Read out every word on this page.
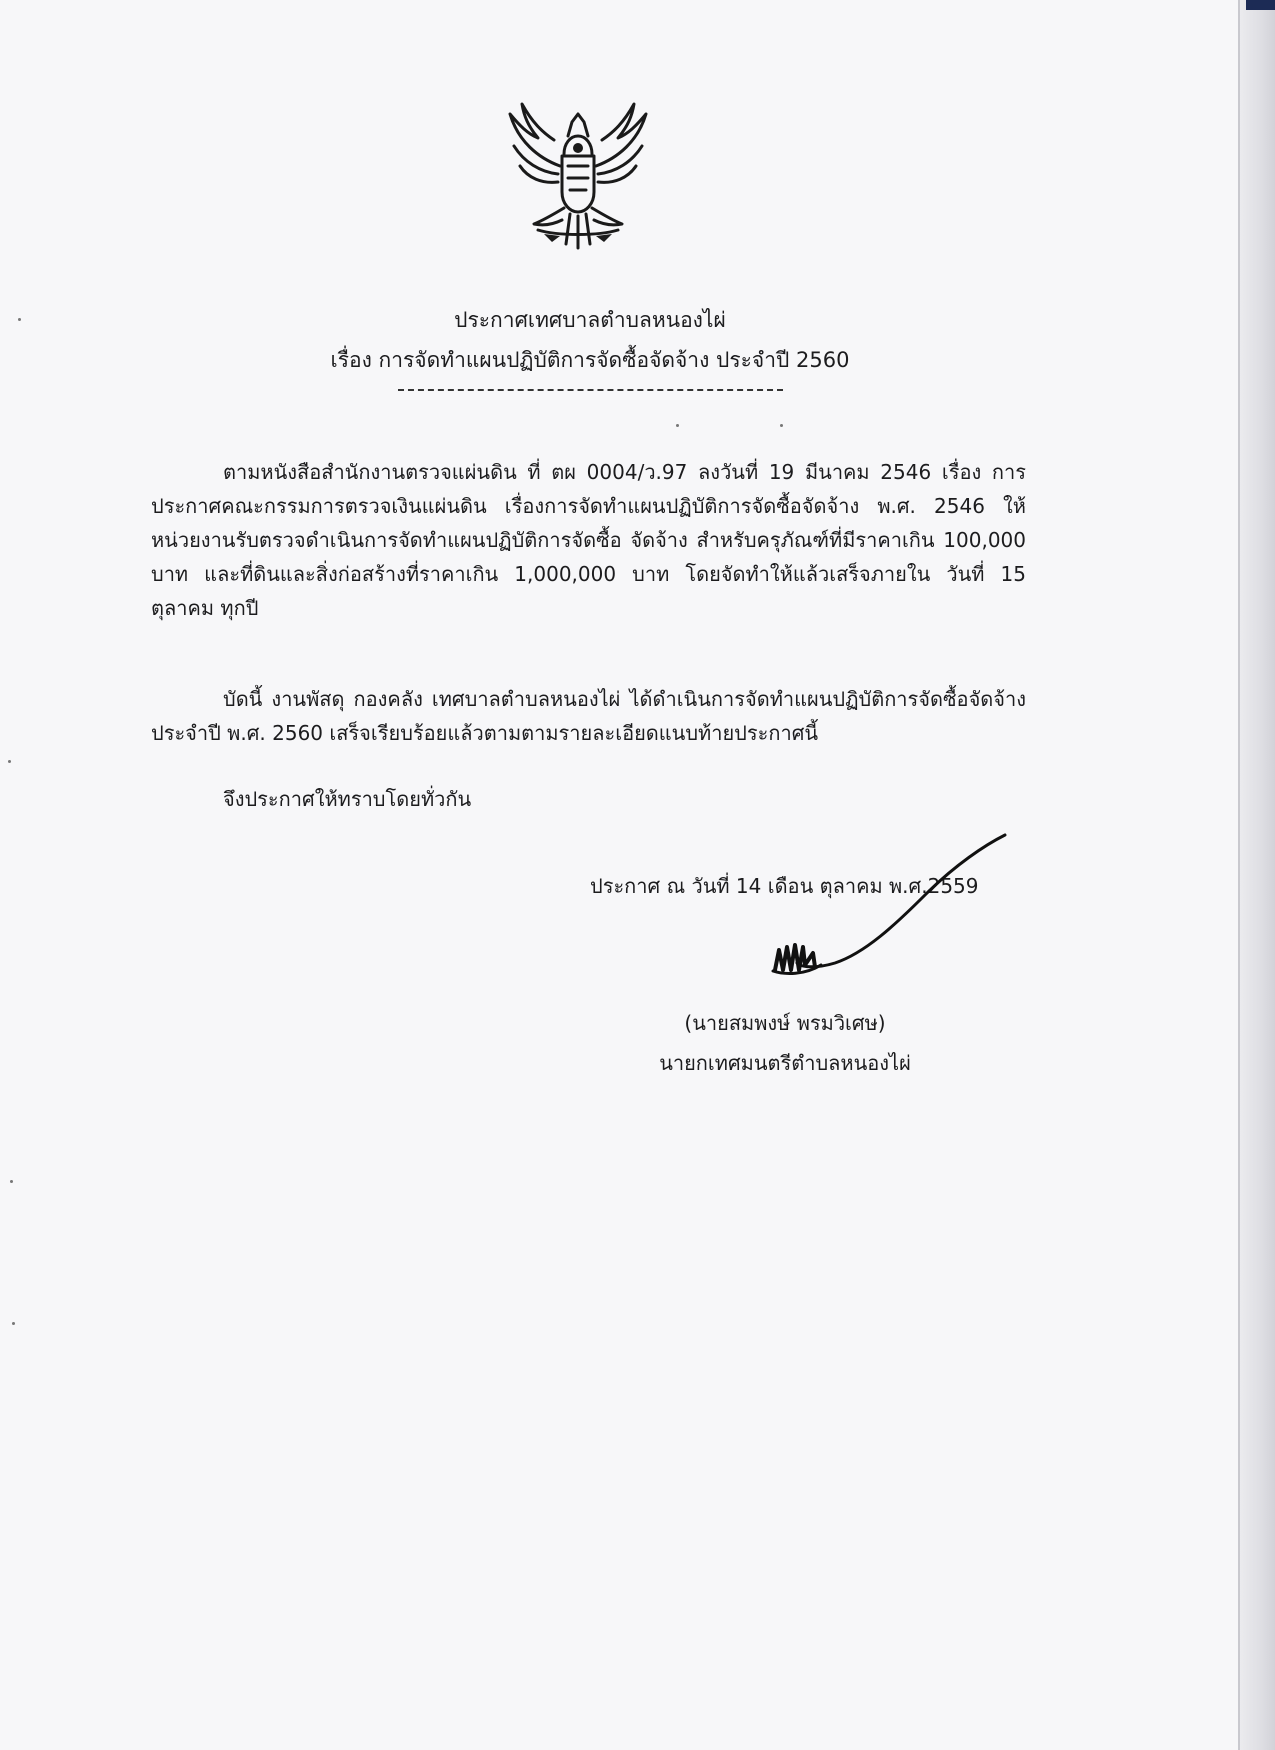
ประกาศเทศบาลตำบลหนองไผ่
เรื่อง การจัดทำแผนปฏิบัติการจัดซื้อจัดจ้าง ประจำปี 2560

ตามหนังสือสำนักงานตรวจแผ่นดิน ที่ ตผ 0004/ว.97 ลงวันที่ 19 มีนาคม 2546 เรื่อง การประกาศคณะกรรมการตรวจเงินแผ่นดิน เรื่องการจัดทำแผนปฏิบัติการจัดซื้อจัดจ้าง พ.ศ. 2546 ให้หน่วยงานรับตรวจดำเนินการจัดทำแผนปฏิบัติการจัดซื้อ จัดจ้าง สำหรับครุภัณฑ์ที่มีราคาเกิน 100,000 บาท และที่ดินและสิ่งก่อสร้างที่ราคาเกิน 1,000,000 บาท โดยจัดทำให้แล้วเสร็จภายใน วันที่ 15 ตุลาคม ทุกปี

บัดนี้ งานพัสดุ กองคลัง เทศบาลตำบลหนองไผ่ ได้ดำเนินการจัดทำแผนปฏิบัติการจัดซื้อจัดจ้าง ประจำปี พ.ศ. 2560 เสร็จเรียบร้อยแล้วตามตามรายละเอียดแนบท้ายประกาศนี้

จึงประกาศให้ทราบโดยทั่วกัน

ประกาศ ณ วันที่ 14 เดือน ตุลาคม พ.ศ.2559

(นายสมพงษ์ พรมวิเศษ)

นายกเทศมนตรีตำบลหนองไผ่
